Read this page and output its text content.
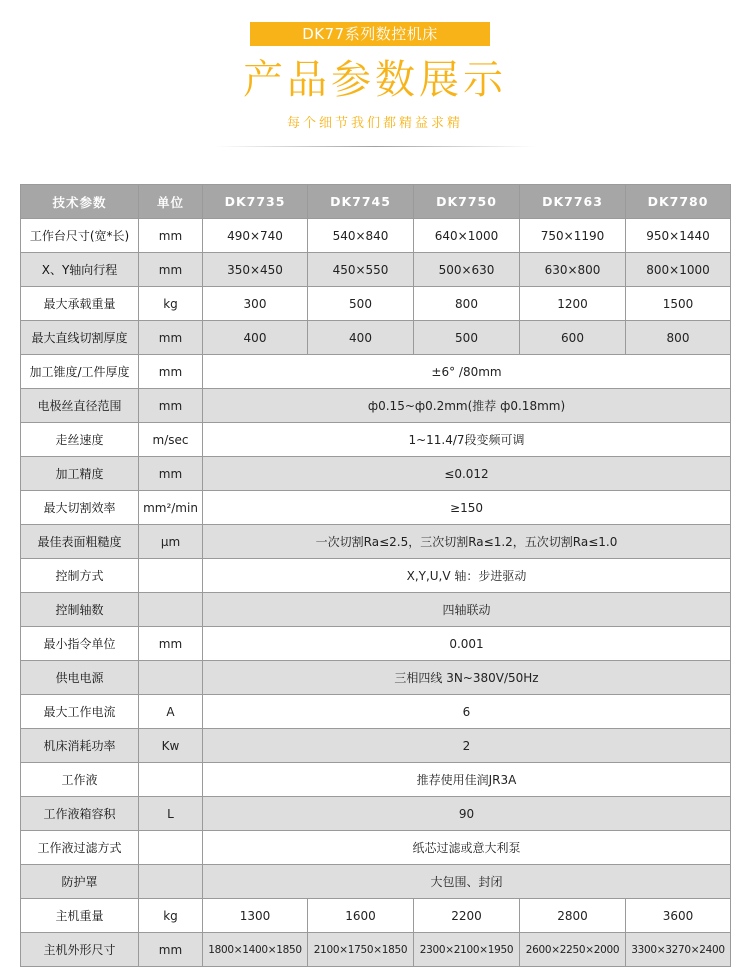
DK77系列数控机床
产品参数展示
每个细节我们都精益求精
技术参数	单位	DK7735	DK7745	DK7750	DK7763	DK7780
工作台尺寸(宽*长)	mm	490×740	540×840	640×1000	750×1190	950×1440
X、Y轴向行程	mm	350×450	450×550	500×630	630×800	800×1000
最大承载重量	kg	300	500	800	1200	1500
最大直线切割厚度	mm	400	400	500	600	800
加工锥度/工件厚度	mm	±6° /80mm				
电极丝直径范围	mm	ф0.15~ф0.2mm(推荐 ф0.18mm)				
走丝速度	m/sec	1~11.4/7段变频可调				
加工精度	mm	≤0.012				
最大切割效率	mm²/min	≥150				
最佳表面粗糙度	μm	一次切割Ra≤2.5，三次切割Ra≤1.2，五次切割Ra≤1.0				
控制方式		X,Y,U,V 轴：步进驱动				
控制轴数		四轴联动				
最小指令单位	mm	0.001				
供电电源		三相四线 3N~380V/50Hz				
最大工作电流	A	6				
机床消耗功率	Kw	2				
工作液		推荐使用佳润JR3A				
工作液箱容积	L	90				
工作液过滤方式		纸芯过滤或意大利泵				
防护罩		大包围、封闭				
主机重量	kg	1300	1600	2200	2800	3600
主机外形尺寸	mm	1800×1400×1850	2100×1750×1850	2300×2100×1950	2600×2250×2000	3300×3270×2400
